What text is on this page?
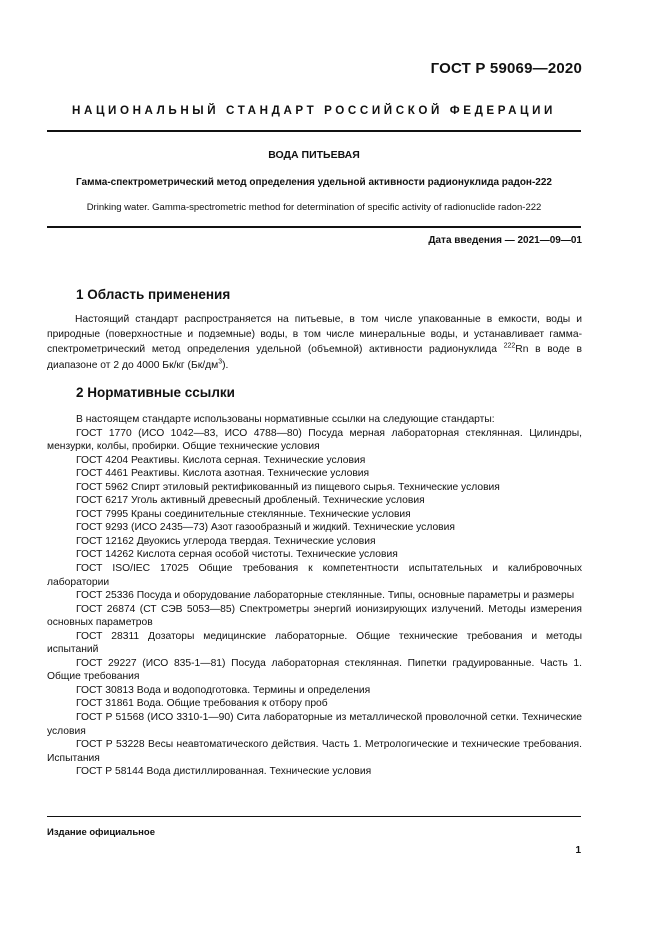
ГОСТ Р 59069—2020

НАЦИОНАЛЬНЫЙ СТАНДАРТ РОССИЙСКОЙ ФЕДЕРАЦИИ

ВОДА ПИТЬЕВАЯ

Гамма-спектрометрический метод определения удельной активности радионуклида радон-222

Drinking water. Gamma-spectrometric method for determination of specific activity of radionuclide radon-222

Дата введения — 2021—09—01

1 Область применения

Настоящий стандарт распространяется на питьевые, в том числе упакованные в емкости, воды и природные (поверхностные и подземные) воды, в том числе минеральные воды, и устанавливает гамма-спектрометрический метод определения удельной (объемной) активности радионуклида $^{222}$Rn в воде в диапазоне от 2 до 4000 Бк/кг $(Бк/дм^3)$.

2 Нормативные ссылки

В настоящем стандарте использованы нормативные ссылки на следующие стандарты:

ГОСТ 1770 (ИСО 1042—83, ИСО 4788—80) Посуда мерная лабораторная стеклянная. Цилиндры, мензурки, колбы, пробирки. Общие технические условия

ГОСТ 4204 Реактивы. Кислота серная. Технические условия

ГОСТ 4461 Реактивы. Кислота азотная. Технические условия

ГОСТ 5962 Спирт этиловый ректификованный из пищевого сырья. Технические условия

ГОСТ 6217 Уголь активный древесный дробленый. Технические условия

ГОСТ 7995 Краны соединительные стеклянные. Технические условия

ГОСТ 9293 (ИСО 2435—73) Азот газообразный и жидкий. Технические условия

ГОСТ 12162 Двуокись углерода твердая. Технические условия

ГОСТ 14262 Кислота серная особой чистоты. Технические условия

ГОСТ ISO/IEC 17025 Общие требования к компетентности испытательных и калибровочных лаборатории

ГОСТ 25336 Посуда и оборудование лабораторные стеклянные. Типы, основные параметры и размеры

ГОСТ 26874 (СТ СЭВ 5053—85) Спектрометры энергий ионизирующих излучений. Методы измерения основных параметров

ГОСТ 28311 Дозаторы медицинские лабораторные. Общие технические требования и методы испытаний

ГОСТ 29227 (ИСО 835-1—81) Посуда лабораторная стеклянная. Пипетки градуированные. Часть 1. Общие требования

ГОСТ 30813 Вода и водоподготовка. Термины и определения

ГОСТ 31861 Вода. Общие требования к отбору проб

ГОСТ Р 51568 (ИСО 3310-1—90) Сита лабораторные из металлической проволочной сетки. Технические условия

ГОСТ Р 53228 Весы неавтоматического действия. Часть 1. Метрологические и технические требования. Испытания

ГОСТ Р 58144 Вода дистиллированная. Технические условия

Издание официальное

1
